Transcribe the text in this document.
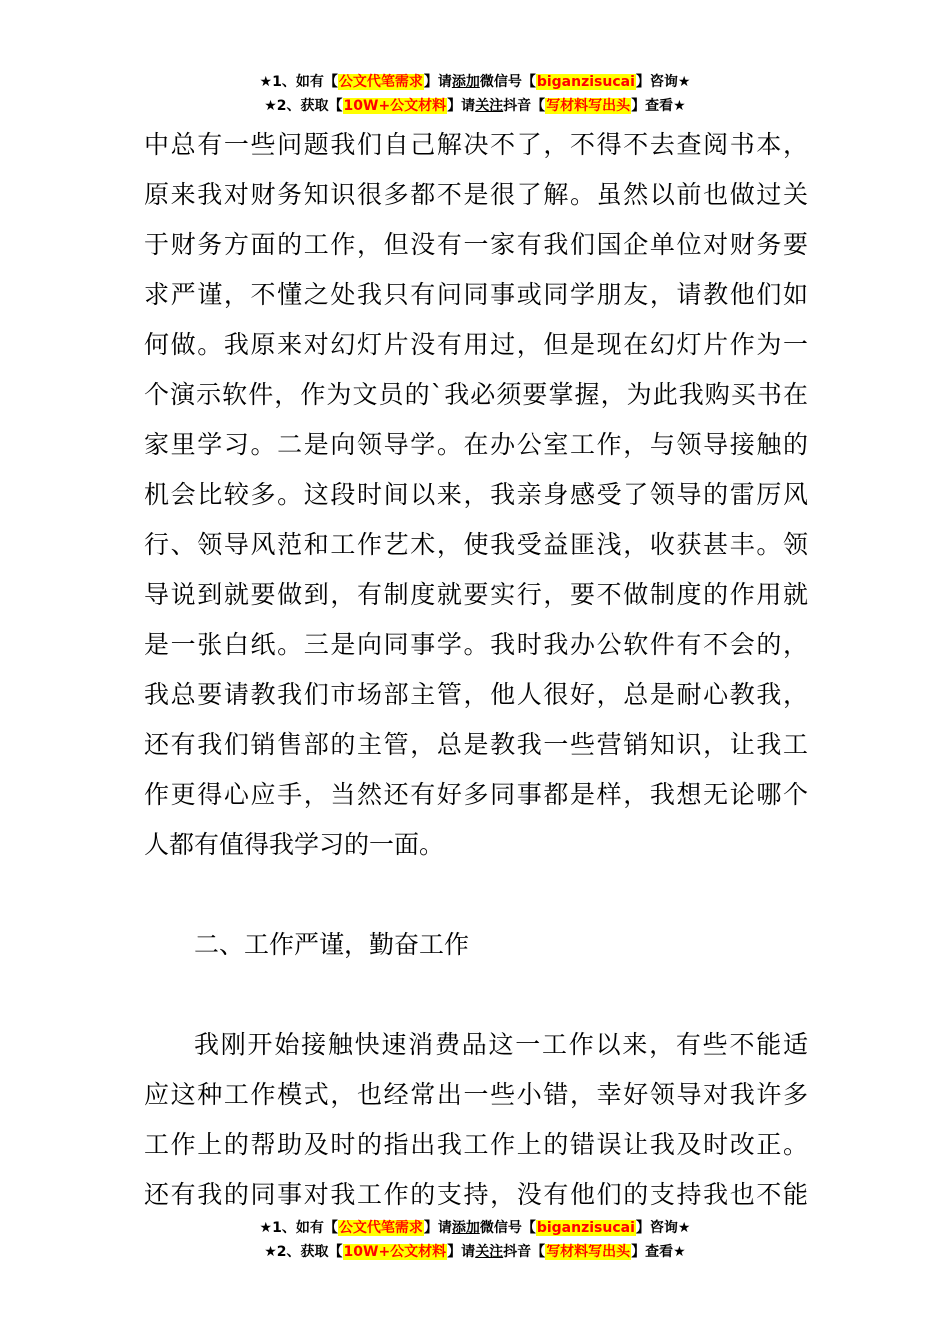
★1、如有【公文代笔需求】请添加微信号【biganzisucai】咨询★
★2、获取【10W+公文材料】请关注抖音【写材料写出头】查看★

中总有一些问题我们自己解决不了，不得不去查阅书本，

原来我对财务知识很多都不是很了解。虽然以前也做过关

于财务方面的工作，但没有一家有我们国企单位对财务要

求严谨，不懂之处我只有问同事或同学朋友，请教他们如

何做。我原来对幻灯片没有用过，但是现在幻灯片作为一

个演示软件，作为文员的`我必须要掌握，为此我购买书在

家里学习。二是向领导学。在办公室工作，与领导接触的

机会比较多。这段时间以来，我亲身感受了领导的雷厉风

行、领导风范和工作艺术，使我受益匪浅，收获甚丰。领

导说到就要做到，有制度就要实行，要不做制度的作用就

是一张白纸。三是向同事学。我时我办公软件有不会的，

我总要请教我们市场部主管，他人很好，总是耐心教我，

还有我们销售部的主管，总是教我一些营销知识，让我工

作更得心应手，当然还有好多同事都是样，我想无论哪个

人都有值得我学习的一面。

二、工作严谨，勤奋工作

我刚开始接触快速消费品这一工作以来，有些不能适

应这种工作模式，也经常出一些小错，幸好领导对我许多

工作上的帮助及时的指出我工作上的错误让我及时改正。

还有我的同事对我工作的支持，没有他们的支持我也不能

★1、如有【公文代笔需求】请添加微信号【biganzisucai】咨询★
★2、获取【10W+公文材料】请关注抖音【写材料写出头】查看★
